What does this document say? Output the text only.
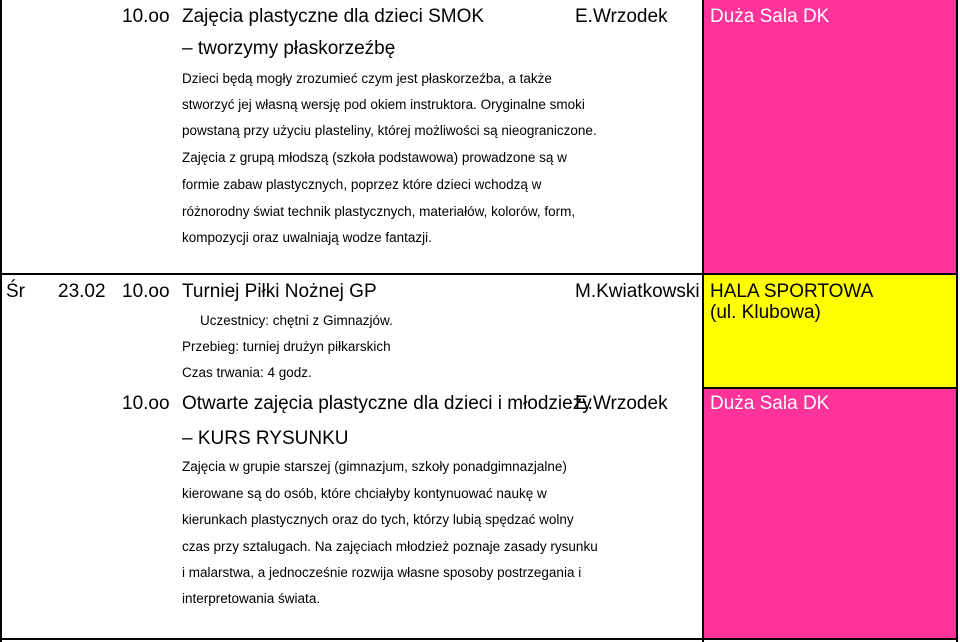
10.oo Zajęcia plastyczne dla dzieci SMOK
– tworzymy płaskorzeźbę
Dzieci będą mogły zrozumieć czym jest płaskorzeźba, a także
stworzyć jej własną wersję pod okiem instruktora. Oryginalne smoki
powstaną przy użyciu plasteliny, której możliwości są nieograniczone.
Zajęcia z grupą młodszą (szkoła podstawowa) prowadzone są w
formie zabaw plastycznych, poprzez które dzieci wchodzą w
różnorodny świat technik plastycznych, materiałów, kolorów, form,
kompozycji oraz uwalniają wodze fantazji.
E.Wrzodek Duża Sala DK
Śr 23.02 10.oo Turniej Piłki Nożnej GP
Uczestnicy: chętni z Gimnazjów.
Przebieg: turniej drużyn piłkarskich
Czas trwania: 4 godz.
M.Kwiatkowski HALA SPORTOWA
(ul. Klubowa)
10.oo Otwarte zajęcia plastyczne dla dzieci i młodzieży
– KURS RYSUNKU
Zajęcia w grupie starszej (gimnazjum, szkoły ponadgimnazjalne)
kierowane są do osób, które chciałyby kontynuować naukę w
kierunkach plastycznych oraz do tych, którzy lubią spędzać wolny
czas przy sztalugach. Na zajęciach młodzież poznaje zasady rysunku
i malarstwa, a jednocześnie rozwija własne sposoby postrzegania i
interpretowania świata.
E.Wrzodek Duża Sala DK
